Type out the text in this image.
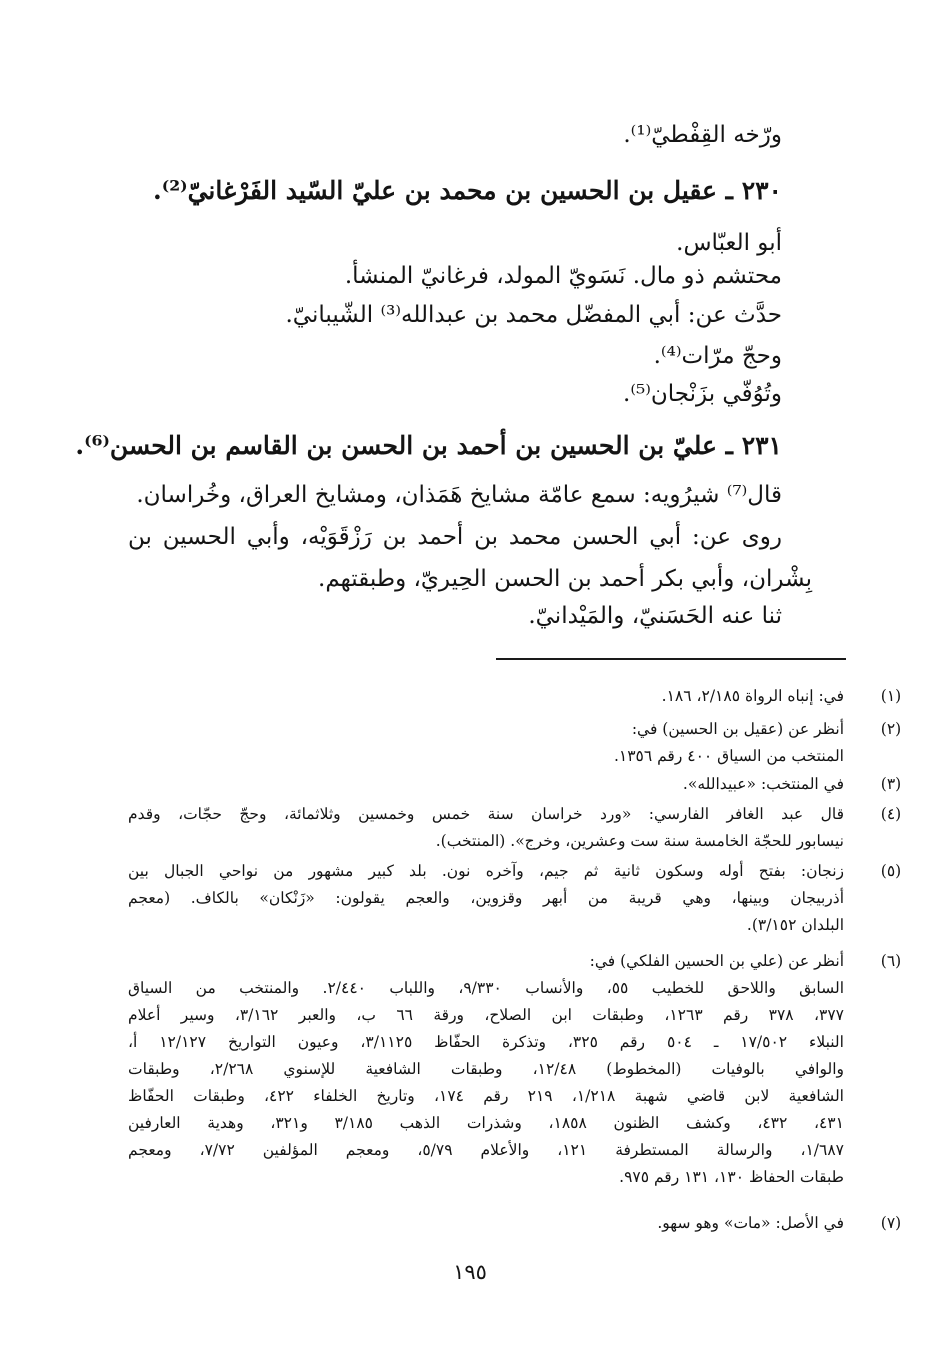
ورّخه القِفْطيّ⁽¹⁾.
٢٣٠ ـ عقيل بن الحسين بن محمد بن عليّ السّيد الفَرْغانيّ⁽²⁾.
أبو العبّاس.
محتشم ذو مال. نَسَويّ المولد، فرغانيّ المنشأ.
حدَّث عن: أبي المفضّل محمد بن عبدالله⁽³⁾ الشّيبانيّ.
وحجّ مرّات⁽⁴⁾.
وتُوُفّي بزَنْجان⁽⁵⁾.
٢٣١ ـ عليّ بن الحسين بن أحمد بن الحسن بن القاسم بن الحسن⁽⁶⁾.
قال⁽⁷⁾ شيرُويه: سمع عامّة مشايخ هَمَذان، ومشايخ العراق، وخُراسان.
روى عن: أبي الحسن محمد بن أحمد بن رَزْقَوَيْه، وأبي الحسين بن
بِشْران، وأبي بكر أحمد بن الحسن الحِيريّ، وطبقتهم.
ثنا عنه الحَسَنيّ، والمَيْدانيّ.
(١)
في: إنباه الرواة ٢/١٨٥، ١٨٦.
(٢)
أنظر عن (عقيل بن الحسين) في:
المنتخب من السياق ٤٠٠ رقم ١٣٥٦.
(٣)
في المنتخب: «عبيدالله».
(٤)
قال عبد الغافر الفارسي: «ورد خراسان سنة خمس وخمسين وثلاثمائة، وحجّ حجّات، وقدم
نيسابور للحجّة الخامسة سنة ست وعشرين، وخرج». (المنتخب).
(٥)
زنجان: بفتح أوله وسكون ثانية ثم جيم، وآخره نون. بلد كبير مشهور من نواحي الجبال بين
أذربيجان وبينها، وهي قريبة من أبهر وقزوين، والعجم يقولون: «زَنْكان» بالكاف. (معجم
البلدان ٣/١٥٢).
(٦)
أنظر عن (علي بن الحسين الفلكي) في:
السابق واللاحق للخطيب ٥٥، والأنساب ٩/٣٣٠، واللباب ٢/٤٤٠. والمنتخب من السياق
٣٧٧، ٣٧٨ رقم ١٢٦٣، وطبقات ابن الصلاح، ورقة ٦٦ ب، والعبر ٣/١٦٢، وسير أعلام
النبلاء ١٧/٥٠٢ ـ ٥٠٤ رقم ٣٢٥، وتذكرة الحفّاظ ٣/١١٢٥، وعيون التواريخ ١٢/١٢٧ أ،
والوافي بالوفيات (المخطوط) ١٢/٤٨، وطبقات الشافعية للإسنوي ٢/٢٦٨، وطبقات
الشافعية لابن قاضي شهبة ١/٢١٨، ٢١٩ رقم ١٧٤، وتاريخ الخلفاء ٤٢٢، وطبقات الحفّاظ
٤٣١، ٤٣٢، وكشف الظنون ١٨٥٨، وشذرات الذهب ٣/١٨٥ و٣٢١، وهدية العارفين
١/٦٨٧، والرسالة المستطرفة ١٢١، والأعلام ٥/٧٩، ومعجم المؤلفين ٧/٧٢، ومعجم
طبقات الحفاظ ١٣٠، ١٣١ رقم ٩٧٥.
(٧)
في الأصل: «مات» وهو سهو.
١٩٥
